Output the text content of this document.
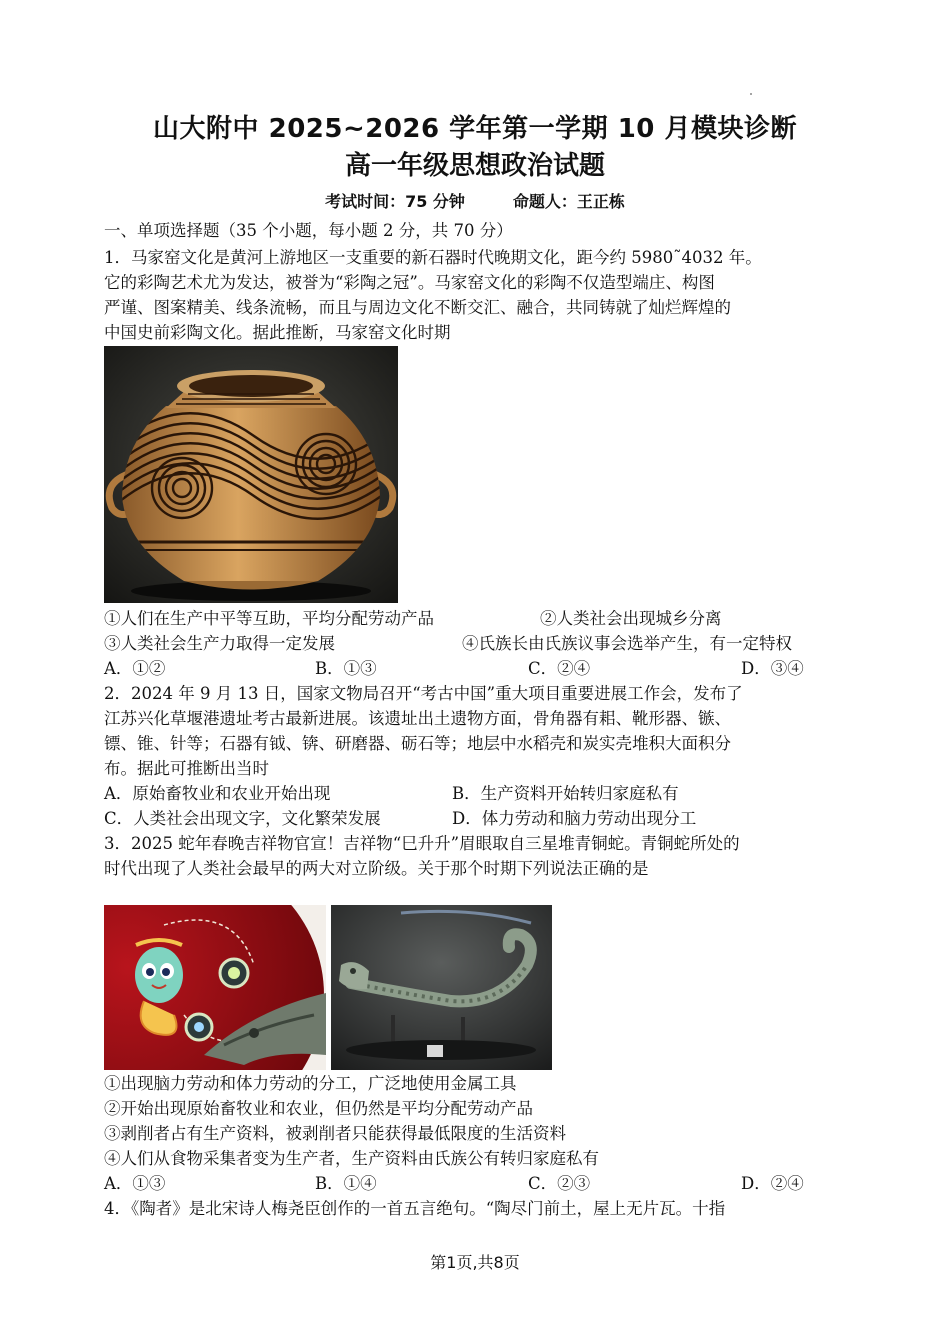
山大附中 2025~2026 学年第一学期 10 月模块诊断
高一年级思想政治试题
考试时间：75 分钟	命题人：王正栋
一、单项选择题（35 个小题，每小题 2 分，共 70 分）
1．马家窑文化是黄河上游地区一支重要的新石器时代晚期文化，距今约 5980˜4032 年。
它的彩陶艺术尤为发达，被誉为“彩陶之冠”。马家窑文化的彩陶不仅造型端庄、构图
严谨、图案精美、线条流畅，而且与周边文化不断交汇、融合，共同铸就了灿烂辉煌的
中国史前彩陶文化。据此推断，马家窑文化时期
①人们在生产中平等互助，平均分配劳动产品	②人类社会出现城乡分离
③人类社会生产力取得一定发展	④氏族长由氏族议事会选举产生，有一定特权
A．①②	B．①③	C．②④	D．③④
2．2024 年 9 月 13 日，国家文物局召开“考古中国”重大项目重要进展工作会，发布了
江苏兴化草堰港遗址考古最新进展。该遗址出土遗物方面，骨角器有耜、靴形器、镞、
镖、锥、针等；石器有钺、锛、研磨器、砺石等；地层中水稻壳和炭实壳堆积大面积分
布。据此可推断出当时
A．原始畜牧业和农业开始出现	B．生产资料开始转归家庭私有
C．人类社会出现文字，文化繁荣发展	D．体力劳动和脑力劳动出现分工
3．2025 蛇年春晚吉祥物官宣！吉祥物“巳升升”眉眼取自三星堆青铜蛇。青铜蛇所处的
时代出现了人类社会最早的两大对立阶级。关于那个时期下列说法正确的是
①出现脑力劳动和体力劳动的分工，广泛地使用金属工具
②开始出现原始畜牧业和农业，但仍然是平均分配劳动产品
③剥削者占有生产资料，被剥削者只能获得最低限度的生活资料
④人们从食物采集者变为生产者，生产资料由氏族公有转归家庭私有
A．①③	B．①④	C．②③	D．②④
4．《陶者》是北宋诗人梅尧臣创作的一首五言绝句。“陶尽门前土，屋上无片瓦。十指
第1页,共8页
